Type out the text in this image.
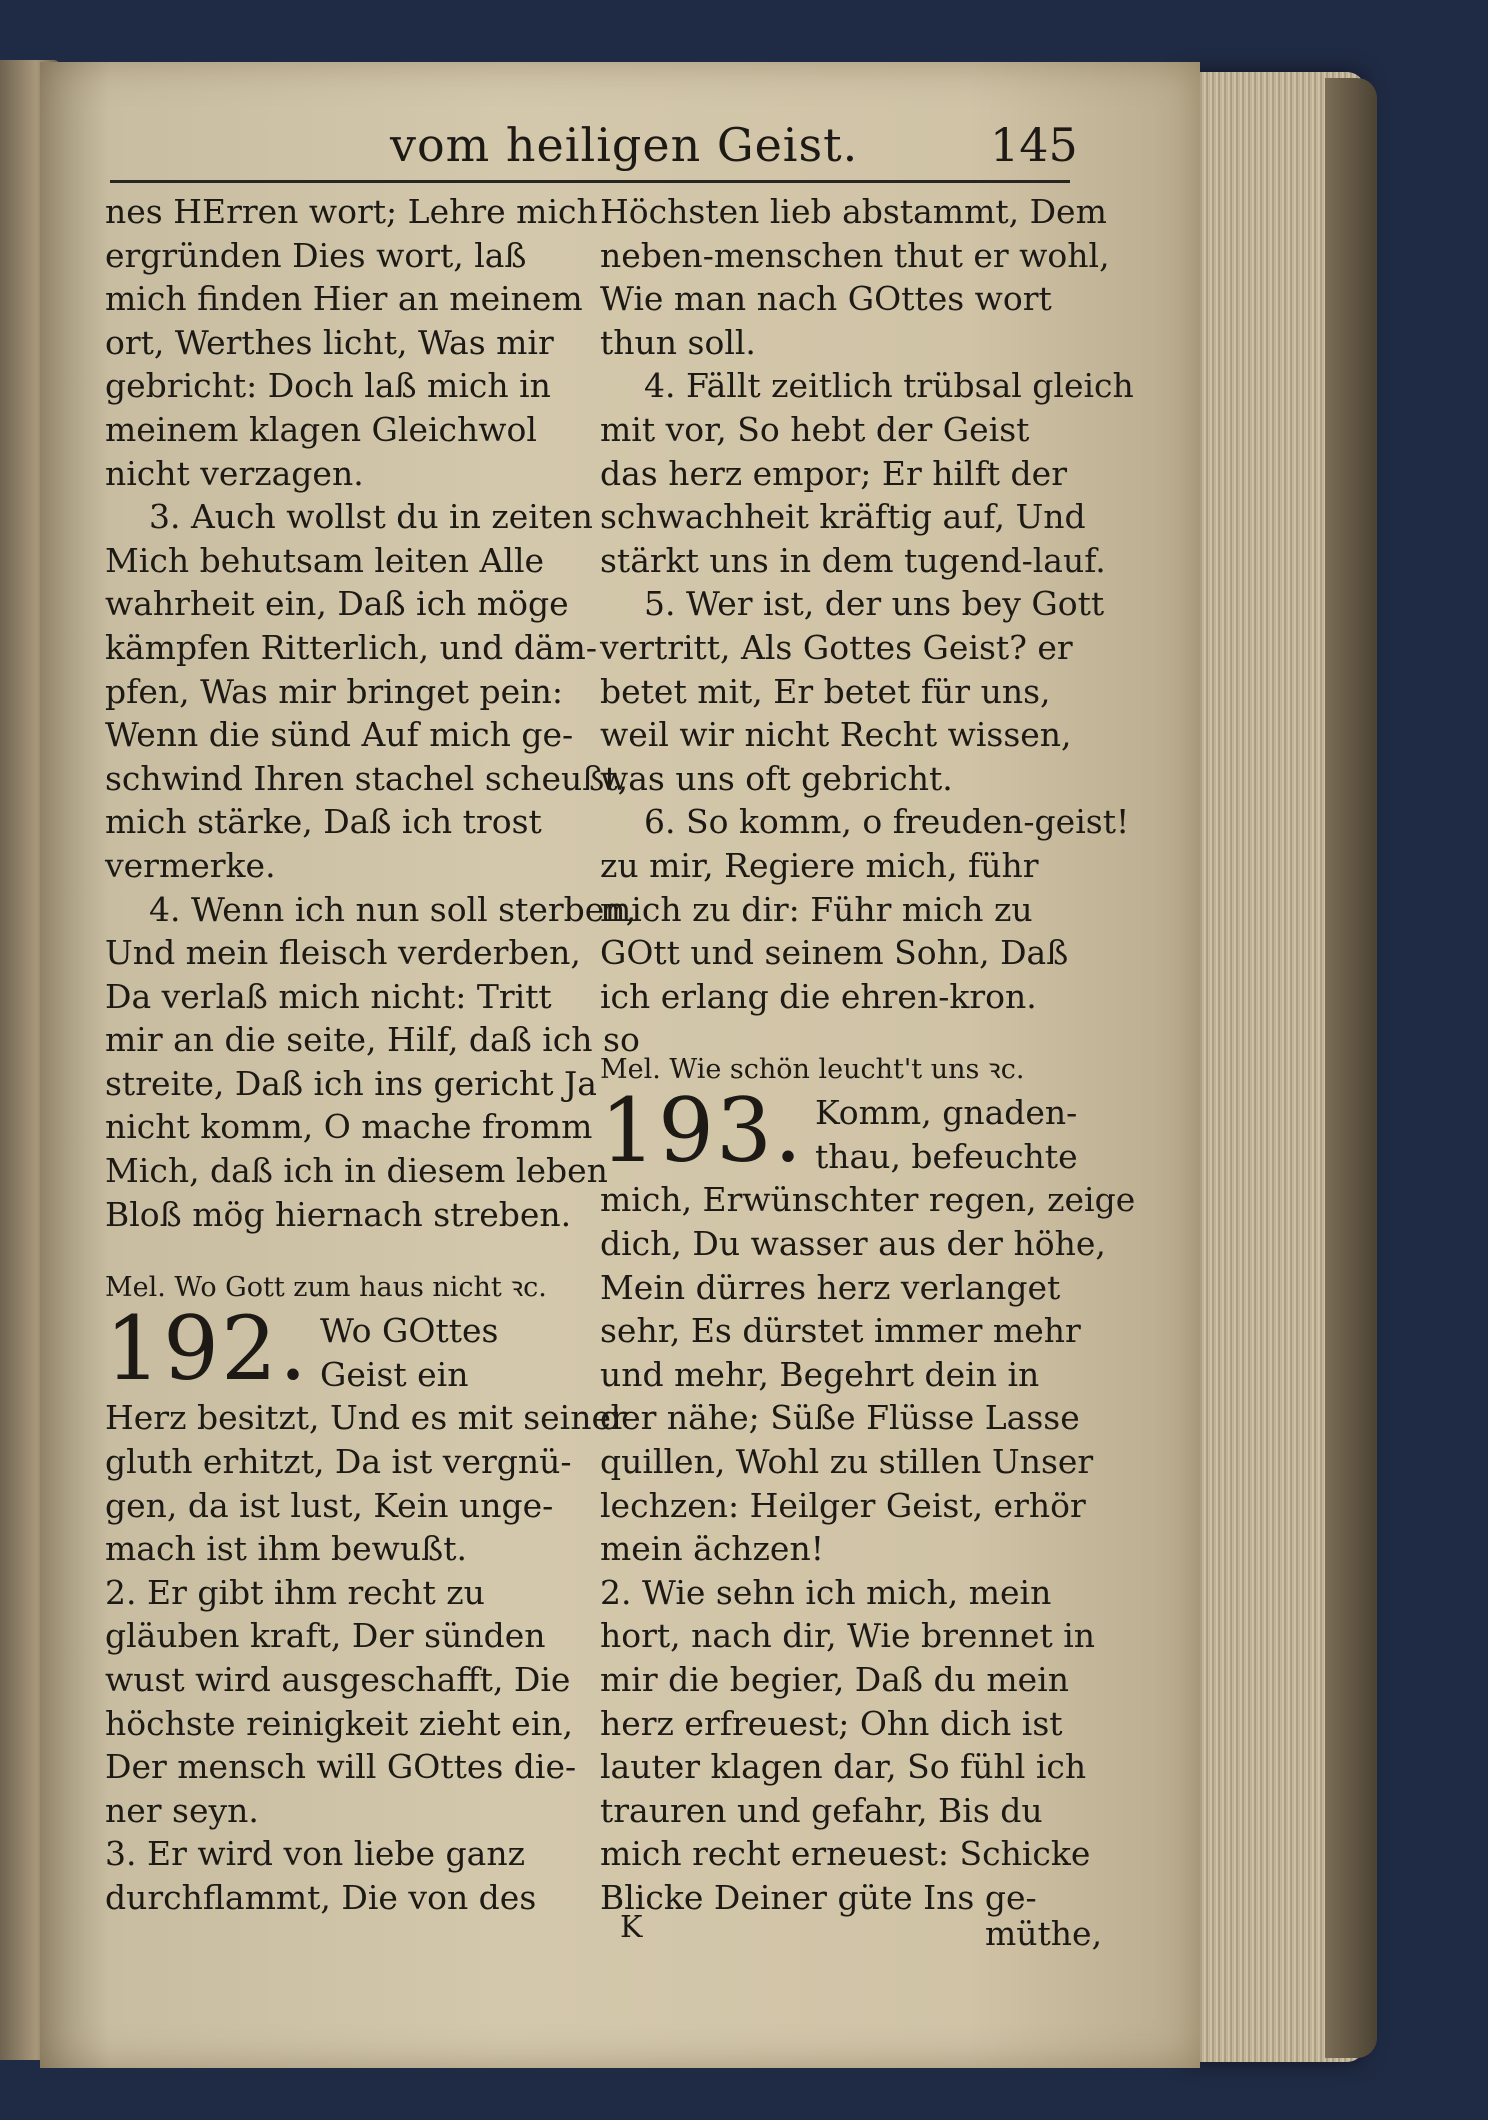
vom heiligen Geist.	145
nes HErren wort; Lehre mich
ergründen Dies wort, laß
mich finden Hier an meinem
ort, Werthes licht, Was mir
gebricht: Doch laß mich in
meinem klagen Gleichwol
nicht verzagen.
3. Auch wollst du in zeiten
Mich behutsam leiten Alle
wahrheit ein, Daß ich möge
kämpfen Ritterlich, und däm-
pfen, Was mir bringet pein:
Wenn die sünd Auf mich ge-
schwind Ihren stachel scheußt,
mich stärke, Daß ich trost
vermerke.
4. Wenn ich nun soll sterben,
Und mein fleisch verderben,
Da verlaß mich nicht: Tritt
mir an die seite, Hilf, daß ich so
streite, Daß ich ins gericht Ja
nicht komm, O mache fromm
Mich, daß ich in diesem leben
Bloß mög hiernach streben.
Mel. Wo Gott zum haus nicht ꝛc.
192. Wo GOttes
Geist ein
Herz besitzt, Und es mit seiner
gluth erhitzt, Da ist vergnü-
gen, da ist lust, Kein unge-
mach ist ihm bewußt.
2. Er gibt ihm recht zu
gläuben kraft, Der sünden
wust wird ausgeschafft, Die
höchste reinigkeit zieht ein,
Der mensch will GOttes die-
ner seyn.
3. Er wird von liebe ganz
durchflammt, Die von des
Höchsten lieb abstammt, Dem
neben-menschen thut er wohl,
Wie man nach GOttes wort
thun soll.
4. Fällt zeitlich trübsal gleich
mit vor, So hebt der Geist
das herz empor; Er hilft der
schwachheit kräftig auf, Und
stärkt uns in dem tugend-lauf.
5. Wer ist, der uns bey Gott
vertritt, Als Gottes Geist? er
betet mit, Er betet für uns,
weil wir nicht Recht wissen,
was uns oft gebricht.
6. So komm, o freuden-geist!
zu mir, Regiere mich, führ
mich zu dir: Führ mich zu
GOtt und seinem Sohn, Daß
ich erlang die ehren-kron.
Mel. Wie schön leucht't uns ꝛc.
193. Komm, gnaden-
thau, befeuchte
mich, Erwünschter regen, zeige
dich, Du wasser aus der höhe,
Mein dürres herz verlanget
sehr, Es dürstet immer mehr
und mehr, Begehrt dein in
der nähe; Süße Flüsse Lasse
quillen, Wohl zu stillen Unser
lechzen: Heilger Geist, erhör
mein ächzen!
2. Wie sehn ich mich, mein
hort, nach dir, Wie brennet in
mir die begier, Daß du mein
herz erfreuest; Ohn dich ist
lauter klagen dar, So fühl ich
trauren und gefahr, Bis du
mich recht erneuest: Schicke
Blicke Deiner güte Ins ge-
K	müthe,
